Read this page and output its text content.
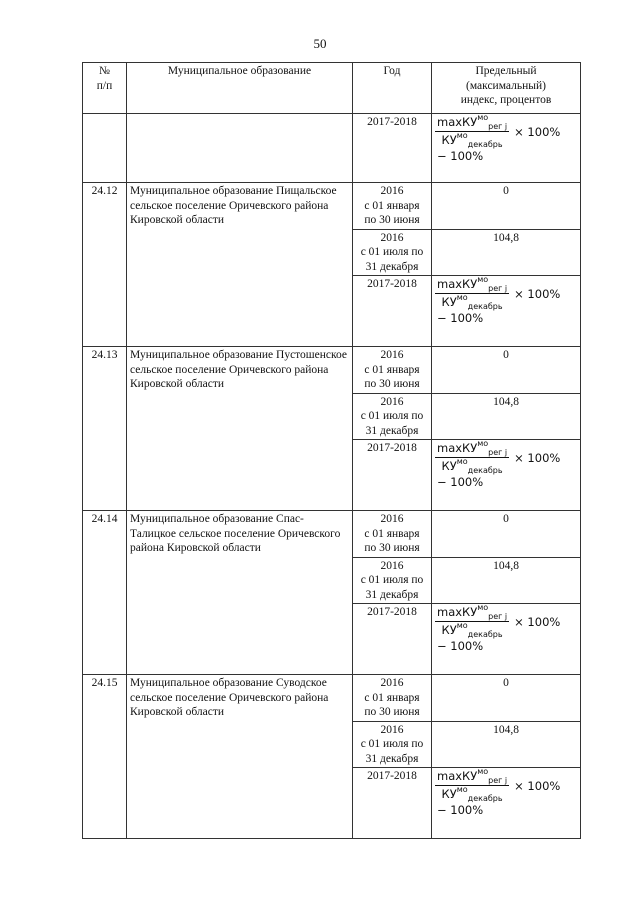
50
№
п/п	Муниципальное образование	Год	Предельный
(максимальный)
индекс, процентов
		2017-2018	$\frac{\max КУ^{мо}_{рег j}}{КУ^{мо}_{декабрь}} \times 100\%$
− 100%

24.12	Муниципальное образование Пищальское сельское поселение Оричевского района Кировской области	2016
с 01 января
по 30 июня	0
		2016
с 01 июля по
31 декабря	104,8
		2017-2018	$\frac{\max КУ^{мо}_{рег j}}{КУ^{мо}_{декабрь}} \times 100\%$
− 100%

24.13	Муниципальное образование Пустошенское сельское поселение Оричевского района Кировской области	2016
с 01 января
по 30 июня	0
		2016
с 01 июля по
31 декабря	104,8
		2017-2018	$\frac{\max КУ^{мо}_{рег j}}{КУ^{мо}_{декабрь}} \times 100\%$
− 100%

24.14	Муниципальное образование Спас-Талицкое сельское поселение Оричевского района Кировской области	2016
с 01 января
по 30 июня	0
		2016
с 01 июля по
31 декабря	104,8
		2017-2018	$\frac{\max КУ^{мо}_{рег j}}{КУ^{мо}_{декабрь}} \times 100\%$
− 100%

24.15	Муниципальное образование Суводское сельское поселение Оричевского района Кировской области	2016
с 01 января
по 30 июня	0
		2016
с 01 июля по
31 декабря	104,8
		2017-2018	$\frac{\max КУ^{мо}_{рег j}}{КУ^{мо}_{декабрь}} \times 100\%$
− 100%
